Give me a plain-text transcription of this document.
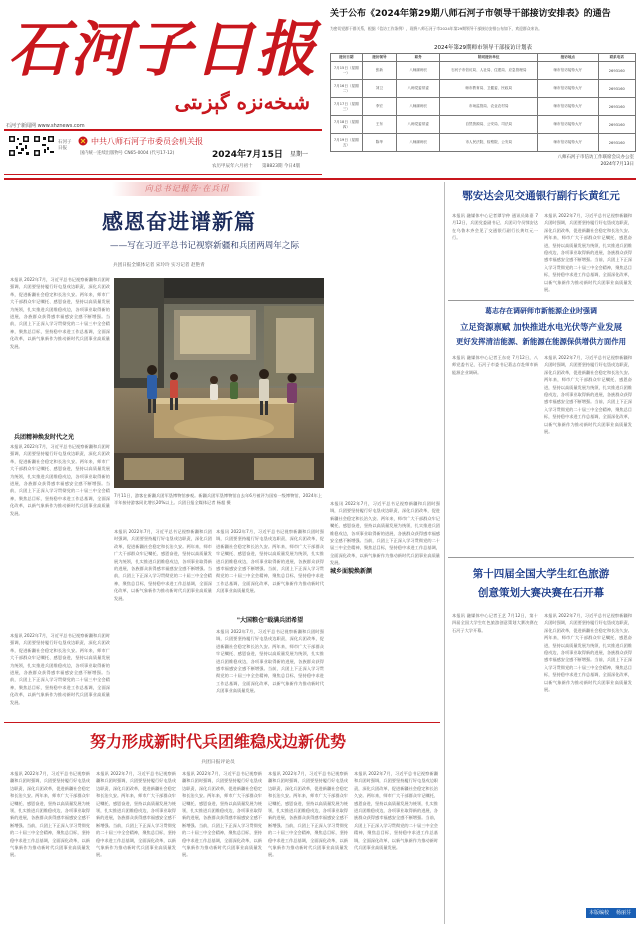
石河子日报
شىخەنزە گېزىتى
石河子新闻网 www.shznews.com
石河子日报
中共八师石河子市委员会机关报
国内统一连续出版物号 CN65-0004 (代号17-12)	2024年7月15日 星期一
农历甲辰年六月初十 第8823期 今日4版
关于公布《2024年第29期八师石河子市领导干部接访安排表》的通告
为密切党群干群关系，根据《信访工作条例》，现将八师石河子市2024年第29期领导干部接访安排公布如下，欢迎群众来访。
2024年第29期师市领导干部接访计划表
接访日期	接访领导	职务	陪同接访单位	接访地点	联系电话
7月15日（星期一）	张新	八师副师长	石河子市信访局、人社局、住建局、应急管理局	师市信访接待大厅	2693160
7月16日（星期二）	刘卫	八师党委常委	师市教育局、卫健委、民政局	师市信访接待大厅	2693160
7月17日（星期三）	李宏	八师副师长	市场监管局、农业农村局	师市信访接待大厅	2693160
7月18日（星期四）	王东	八师党委常委	自然资源局、公安局、司法局	师市信访接待大厅	2693160
7月19日（星期五）	陈华	八师副师长	市人民法院、检察院、公安局	师市信访接待大厅	2693160
八师石河子市信访工作联席会议办公室
2024年7月13日
向总书记报告·在兵团
感恩奋进谱新篇
——写在习近平总书记视察新疆和兵团两周年之际
兵团日报全媒体记者 宋玲玲 实习记者 赵艳青
本报讯 2022年7月，习近平总书记视察新疆和兵团时强调，兵团要坚持履行好屯垦戍边职责，深化兵团改革，促进新疆社会稳定和长治久安。两年来，师市广大干部群众牢记嘱托、感恩奋进，坚持以高质量发展为统领，扎实推进兵团维稳戍边，各项事业取得新的进展，各族群众获得感幸福感安全感不断增强。当前，兵团上下正深入学习贯彻党的二十届三中全会精神，聚焦总目标，坚持稳中求进工作总基调，全面深化改革，以新气象新作为推动新时代兵团事业高质量发展。
兵团精神焕发时代之光
本报讯 2022年7月，习近平总书记视察新疆和兵团时强调，兵团要坚持履行好屯垦戍边职责，深化兵团改革，促进新疆社会稳定和长治久安。两年来，师市广大干部群众牢记嘱托、感恩奋进，坚持以高质量发展为统领，扎实推进兵团维稳戍边，各项事业取得新的进展，各族群众获得感幸福感安全感不断增强。当前，兵团上下正深入学习贯彻党的二十届三中全会精神，聚焦总目标，坚持稳中求进工作总基调，全面深化改革，以新气象新作为推动新时代兵团事业高质量发展。
本报讯 2022年7月，习近平总书记视察新疆和兵团时强调，兵团要坚持履行好屯垦戍边职责，深化兵团改革，促进新疆社会稳定和长治久安。两年来，师市广大干部群众牢记嘱托、感恩奋进，坚持以高质量发展为统领，扎实推进兵团维稳戍边，各项事业取得新的进展，各族群众获得感幸福感安全感不断增强。当前，兵团上下正深入学习贯彻党的二十届三中全会精神，聚焦总目标，坚持稳中求进工作总基调，全面深化改革，以新气象新作为推动新时代兵团事业高质量发展。
7月11日，游客在新疆兵团军垦博物馆参观。新疆兵团军垦博物馆自去年6月被评为国家一级博物馆，2024年上半年接待游客同比增长20%以上。兵团日报全媒体记者 杨超 摄
本报讯 2022年7月，习近平总书记视察新疆和兵团时强调，兵团要坚持履行好屯垦戍边职责，深化兵团改革，促进新疆社会稳定和长治久安。两年来，师市广大干部群众牢记嘱托、感恩奋进，坚持以高质量发展为统领，扎实推进兵团维稳戍边，各项事业取得新的进展，各族群众获得感幸福感安全感不断增强。当前，兵团上下正深入学习贯彻党的二十届三中全会精神，聚焦总目标，坚持稳中求进工作总基调，全面深化改革，以新气象新作为推动新时代兵团事业高质量发展。
本报讯 2022年7月，习近平总书记视察新疆和兵团时强调，兵团要坚持履行好屯垦戍边职责，深化兵团改革，促进新疆社会稳定和长治久安。两年来，师市广大干部群众牢记嘱托、感恩奋进，坚持以高质量发展为统领，扎实推进兵团维稳戍边，各项事业取得新的进展，各族群众获得感幸福感安全感不断增强。当前，兵团上下正深入学习贯彻党的二十届三中全会精神，聚焦总目标，坚持稳中求进工作总基调，全面深化改革，以新气象新作为推动新时代兵团事业高质量发展。
"大国粮仓"载满兵团希望
本报讯 2022年7月，习近平总书记视察新疆和兵团时强调，兵团要坚持履行好屯垦戍边职责，深化兵团改革，促进新疆社会稳定和长治久安。两年来，师市广大干部群众牢记嘱托、感恩奋进，坚持以高质量发展为统领，扎实推进兵团维稳戍边，各项事业取得新的进展，各族群众获得感幸福感安全感不断增强。当前，兵团上下正深入学习贯彻党的二十届三中全会精神，聚焦总目标，坚持稳中求进工作总基调，全面深化改革，以新气象新作为推动新时代兵团事业高质量发展。
本报讯 2022年7月，习近平总书记视察新疆和兵团时强调，兵团要坚持履行好屯垦戍边职责，深化兵团改革，促进新疆社会稳定和长治久安。两年来，师市广大干部群众牢记嘱托、感恩奋进，坚持以高质量发展为统领，扎实推进兵团维稳戍边，各项事业取得新的进展，各族群众获得感幸福感安全感不断增强。当前，兵团上下正深入学习贯彻党的二十届三中全会精神，聚焦总目标，坚持稳中求进工作总基调，全面深化改革，以新气象新作为推动新时代兵团事业高质量发展。
城乡面貌焕新颜
努力形成新时代兵团维稳戍边新优势
兵团日报评论员
本报讯 2022年7月，习近平总书记视察新疆和兵团时强调，兵团要坚持履行好屯垦戍边职责，深化兵团改革，促进新疆社会稳定和长治久安。两年来，师市广大干部群众牢记嘱托、感恩奋进，坚持以高质量发展为统领，扎实推进兵团维稳戍边，各项事业取得新的进展，各族群众获得感幸福感安全感不断增强。当前，兵团上下正深入学习贯彻党的二十届三中全会精神，聚焦总目标，坚持稳中求进工作总基调，全面深化改革，以新气象新作为推动新时代兵团事业高质量发展。
本报讯 2022年7月，习近平总书记视察新疆和兵团时强调，兵团要坚持履行好屯垦戍边职责，深化兵团改革，促进新疆社会稳定和长治久安。两年来，师市广大干部群众牢记嘱托、感恩奋进，坚持以高质量发展为统领，扎实推进兵团维稳戍边，各项事业取得新的进展，各族群众获得感幸福感安全感不断增强。当前，兵团上下正深入学习贯彻党的二十届三中全会精神，聚焦总目标，坚持稳中求进工作总基调，全面深化改革，以新气象新作为推动新时代兵团事业高质量发展。
本报讯 2022年7月，习近平总书记视察新疆和兵团时强调，兵团要坚持履行好屯垦戍边职责，深化兵团改革，促进新疆社会稳定和长治久安。两年来，师市广大干部群众牢记嘱托、感恩奋进，坚持以高质量发展为统领，扎实推进兵团维稳戍边，各项事业取得新的进展，各族群众获得感幸福感安全感不断增强。当前，兵团上下正深入学习贯彻党的二十届三中全会精神，聚焦总目标，坚持稳中求进工作总基调，全面深化改革，以新气象新作为推动新时代兵团事业高质量发展。
本报讯 2022年7月，习近平总书记视察新疆和兵团时强调，兵团要坚持履行好屯垦戍边职责，深化兵团改革，促进新疆社会稳定和长治久安。两年来，师市广大干部群众牢记嘱托、感恩奋进，坚持以高质量发展为统领，扎实推进兵团维稳戍边，各项事业取得新的进展，各族群众获得感幸福感安全感不断增强。当前，兵团上下正深入学习贯彻党的二十届三中全会精神，聚焦总目标，坚持稳中求进工作总基调，全面深化改革，以新气象新作为推动新时代兵团事业高质量发展。
本报讯 2022年7月，习近平总书记视察新疆和兵团时强调，兵团要坚持履行好屯垦戍边职责，深化兵团改革，促进新疆社会稳定和长治久安。两年来，师市广大干部群众牢记嘱托、感恩奋进，坚持以高质量发展为统领，扎实推进兵团维稳戍边，各项事业取得新的进展，各族群众获得感幸福感安全感不断增强。当前，兵团上下正深入学习贯彻党的二十届三中全会精神，聚焦总目标，坚持稳中求进工作总基调，全面深化改革，以新气象新作为推动新时代兵团事业高质量发展。
鄂安达会见交通银行副行长黄红元
本报讯 融媒体中心记者谭学仲 通讯员陈嘉 7月12日，兵团党委副书记、兵团司令员鄂安达在乌鲁木齐会见了交通银行副行长黄红元一行。
本报讯 2022年7月，习近平总书记视察新疆和兵团时强调，兵团要坚持履行好屯垦戍边职责，深化兵团改革，促进新疆社会稳定和长治久安。两年来，师市广大干部群众牢记嘱托、感恩奋进，坚持以高质量发展为统领，扎实推进兵团维稳戍边，各项事业取得新的进展，各族群众获得感幸福感安全感不断增强。当前，兵团上下正深入学习贯彻党的二十届三中全会精神，聚焦总目标，坚持稳中求进工作总基调，全面深化改革，以新气象新作为推动新时代兵团事业高质量发展。
葛志存在调研师市新能源企业时强调
立足资源禀赋 加快推进水电光伏等产业发展
更好发挥清洁能源、新能源在能源保供增供方面作用
本报讯 融媒体中心记者王东亮 7月12日，八师党委书记、石河子市委书记葛志存赴师市新能源企业调研。
本报讯 2022年7月，习近平总书记视察新疆和兵团时强调，兵团要坚持履行好屯垦戍边职责，深化兵团改革，促进新疆社会稳定和长治久安。两年来，师市广大干部群众牢记嘱托、感恩奋进，坚持以高质量发展为统领，扎实推进兵团维稳戍边，各项事业取得新的进展，各族群众获得感幸福感安全感不断增强。当前，兵团上下正深入学习贯彻党的二十届三中全会精神，聚焦总目标，坚持稳中求进工作总基调，全面深化改革，以新气象新作为推动新时代兵团事业高质量发展。
第十四届全国大学生红色旅游
创意策划大赛决赛在石开幕
本报讯 融媒体中心记者王艺 7月12日，第十四届全国大学生红色旅游创意策划大赛决赛在石河子大学开幕。
本报讯 2022年7月，习近平总书记视察新疆和兵团时强调，兵团要坚持履行好屯垦戍边职责，深化兵团改革，促进新疆社会稳定和长治久安。两年来，师市广大干部群众牢记嘱托、感恩奋进，坚持以高质量发展为统领，扎实推进兵团维稳戍边，各项事业取得新的进展，各族群众获得感幸福感安全感不断增强。当前，兵团上下正深入学习贯彻党的二十届三中全会精神，聚焦总目标，坚持稳中求进工作总基调，全面深化改革，以新气象新作为推动新时代兵团事业高质量发展。
本版编校 杨丽芬
